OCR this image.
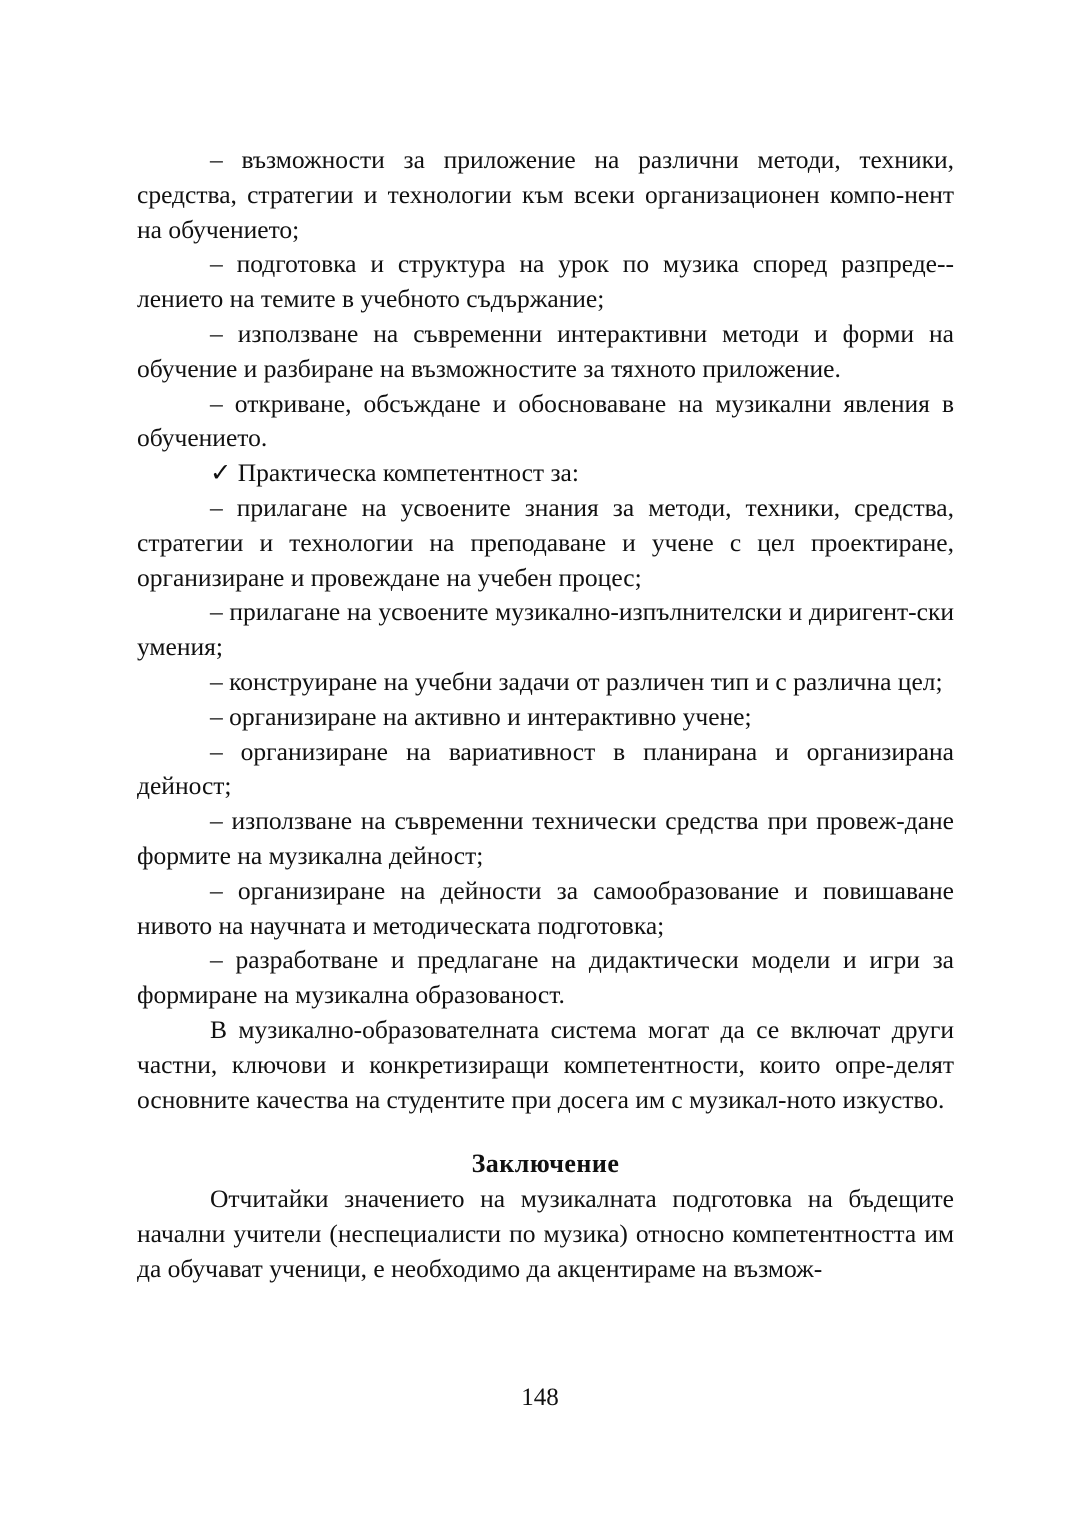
– възможности за приложение на различни методи, техники, средства, стратегии и технологии към всеки организационен компо-нент на обучението;

– подготовка и структура на урок по музика според разпреде-лението на темите в учебното съдържание;

– използване на съвременни интерактивни методи и форми на обучение и разбиране на възможностите за тяхното приложение.

– откриване, обсъждане и обосноваване на музикални явления в обучението.

✓ Практическа компетентност за:

– прилагане на усвоените знания за методи, техники, средства, стратегии и технологии на преподаване и учене с цел проектиране, организиране и провеждане на учебен процес;

– прилагане на усвоените музикално-изпълнителски и диригент-ски умения;

– конструиране на учебни задачи от различен тип и с различна цел;

– организиране на активно и интерактивно учене;

– организиране на вариативност в планирана и организирана дейност;

– използване на съвременни технически средства при провеж-дане формите на музикална дейност;

– организиране на дейности за самообразование и повишаване нивото на научната и методическата подготовка;

– разработване и предлагане на дидактически модели и игри за формиране на музикална образованост.

В музикално-образователната система могат да се включат други частни, ключови и конкретизиращи компетентности, които опре-делят основните качества на студентите при досега им с музикал-ното изкуство.

Заключение

Отчитайки значението на музикалната подготовка на бъдещите начални учители (неспециалисти по музика) относно компетентността им да обучават ученици, е необходимо да акцентираме на възмож-

148
